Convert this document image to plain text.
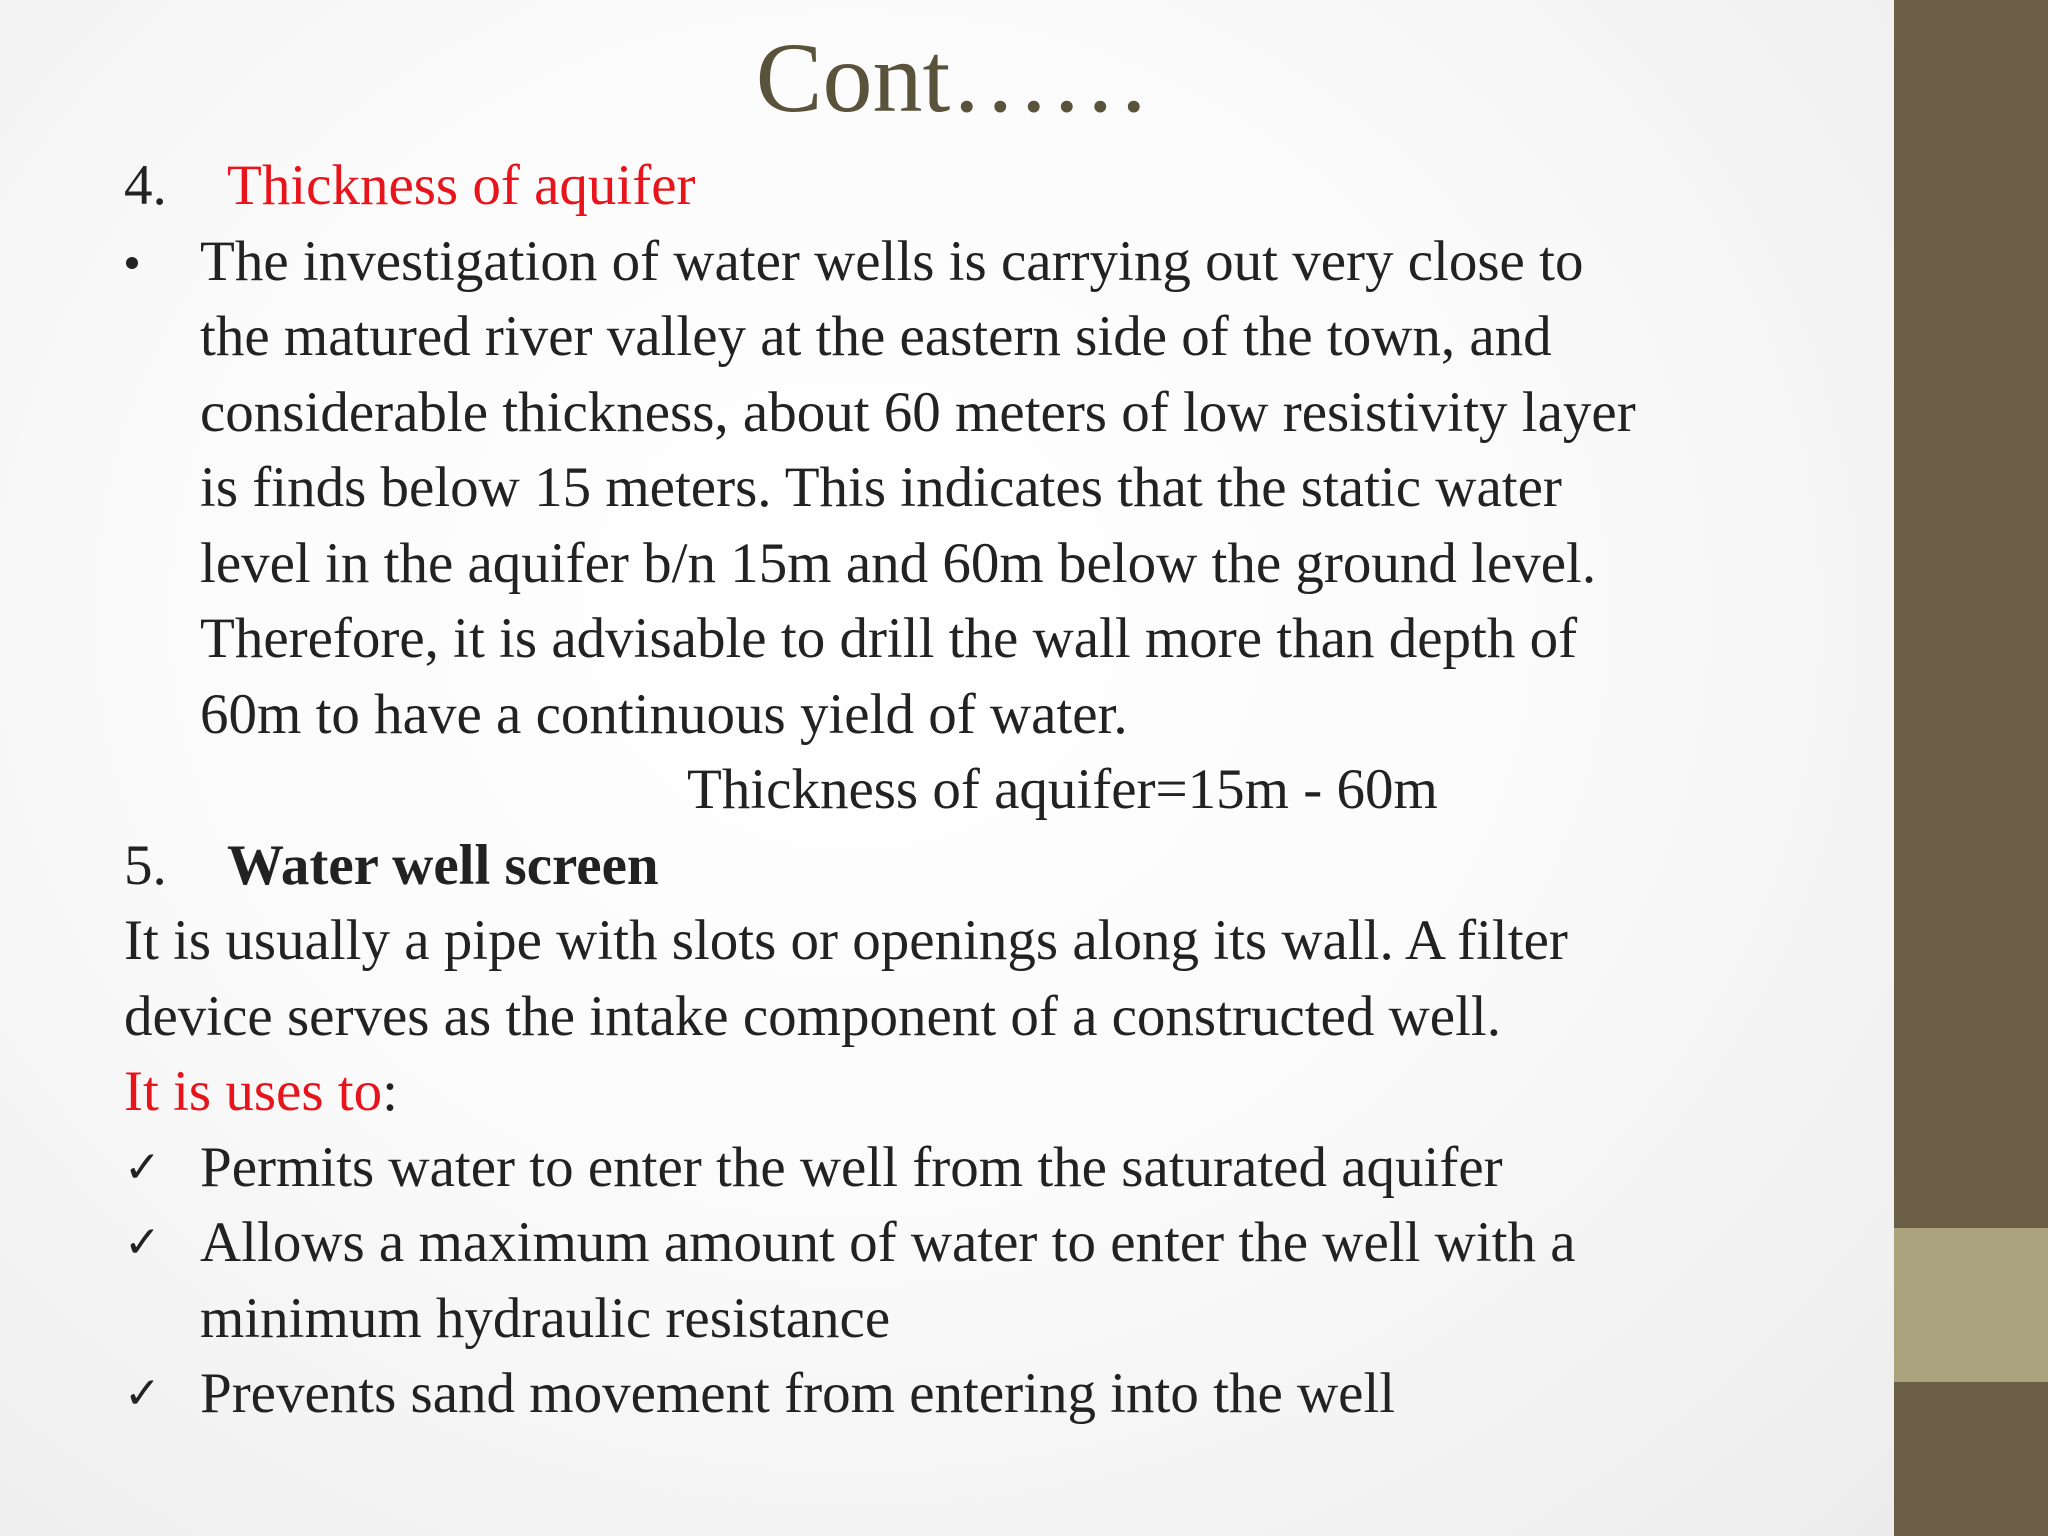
Cont……
4. Thickness of aquifer
The investigation of water wells is carrying out very close to
the matured river valley at the eastern side of the town, and
considerable thickness, about 60 meters of low resistivity layer
is finds below 15 meters. This indicates that the static water
level in the aquifer b/n 15m and 60m below the ground level.
Therefore, it is advisable to drill the wall more than depth of
60m to have a continuous yield of water.
Thickness of aquifer=15m - 60m
5. Water well screen
It is usually a pipe with slots or openings along its wall. A filter
device serves as the intake component of a constructed well.
It is uses to:
✓ Permits water to enter the well from the saturated aquifer
✓ Allows a maximum amount of water to enter the well with a
minimum hydraulic resistance
✓ Prevents sand movement from entering into the well
